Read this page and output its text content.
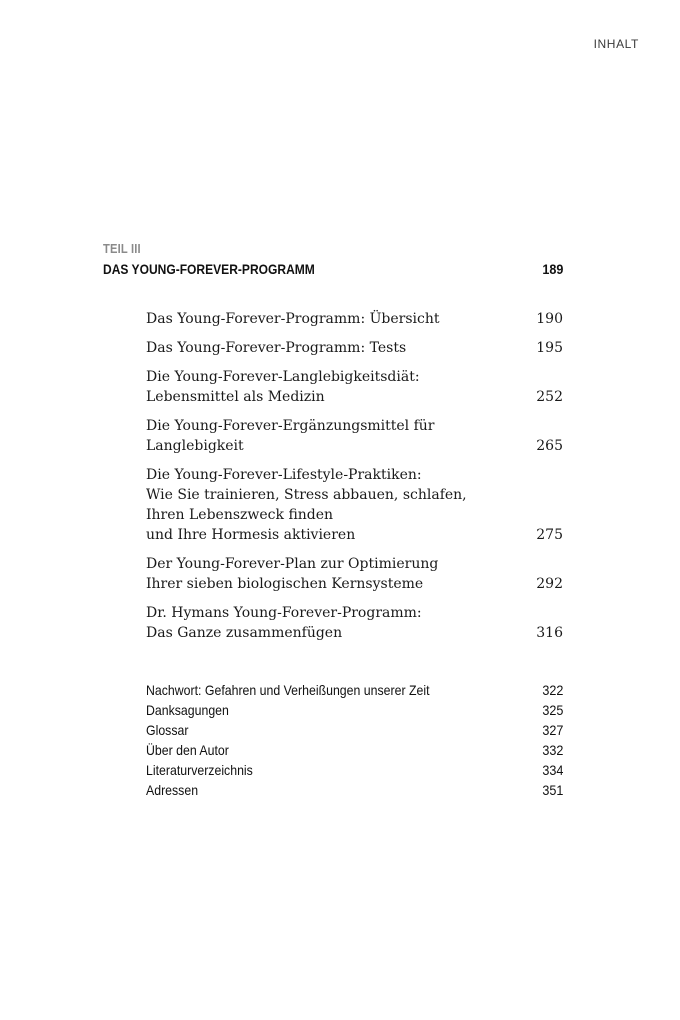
INHALT
TEIL III
DAS YOUNG-FOREVER-PROGRAMM	189
Das Young-Forever-Programm: Übersicht	190
Das Young-Forever-Programm: Tests	195
Die Young-Forever-Langlebigkeitsdiät:
Lebensmittel als Medizin	252
Die Young-Forever-Ergänzungsmittel für Langlebigkeit	265
Die Young-Forever-Lifestyle-Praktiken:
Wie Sie trainieren, Stress abbauen, schlafen,
Ihren Lebenszweck finden
und Ihre Hormesis aktivieren	275
Der Young-Forever-Plan zur Optimierung
Ihrer sieben biologischen Kernsysteme	292
Dr. Hymans Young-Forever-Programm:
Das Ganze zusammenfügen	316
Nachwort: Gefahren und Verheißungen unserer Zeit	322
Danksagungen	325
Glossar	327
Über den Autor	332
Literaturverzeichnis	334
Adressen	351
